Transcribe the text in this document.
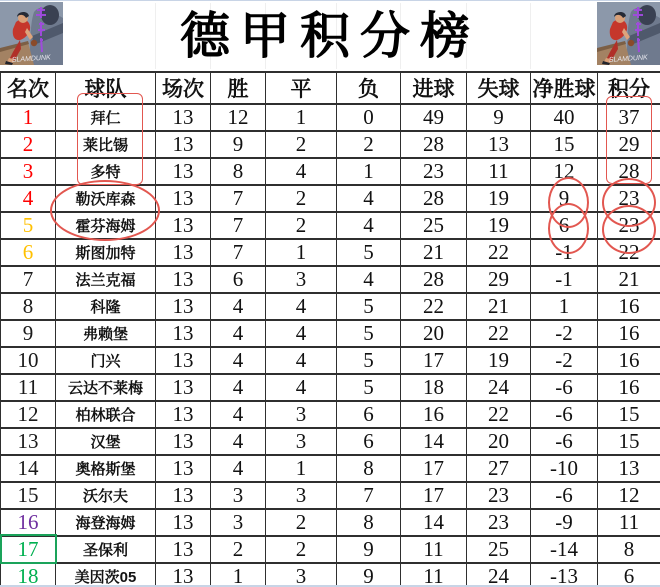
德甲积分榜
SLAMDUNK	SLAMDUNK
名次	球队	场次	胜	平	负	进球	失球	净胜球	积分
1	拜仁	13	12	1	0	49	9	40	37
2	莱比锡	13	9	2	2	28	13	15	29
3	多特	13	8	4	1	23	11	12	28
4	勒沃库森	13	7	2	4	28	19	9	23
5	霍芬海姆	13	7	2	4	25	19	6	23
6	斯图加特	13	7	1	5	21	22	-1	22
7	法兰克福	13	6	3	4	28	29	-1	21
8	科隆	13	4	4	5	22	21	1	16
9	弗赖堡	13	4	4	5	20	22	-2	16
10	门兴	13	4	4	5	17	19	-2	16
11	云达不莱梅	13	4	4	5	18	24	-6	16
12	柏林联合	13	4	3	6	16	22	-6	15
13	汉堡	13	4	3	6	14	20	-6	15
14	奥格斯堡	13	4	1	8	17	27	-10	13
15	沃尔夫	13	3	3	7	17	23	-6	12
16	海登海姆	13	3	2	8	14	23	-9	11
17	圣保利	13	2	2	9	11	25	-14	8
18	美因茨05	13	1	3	9	11	24	-13	6
